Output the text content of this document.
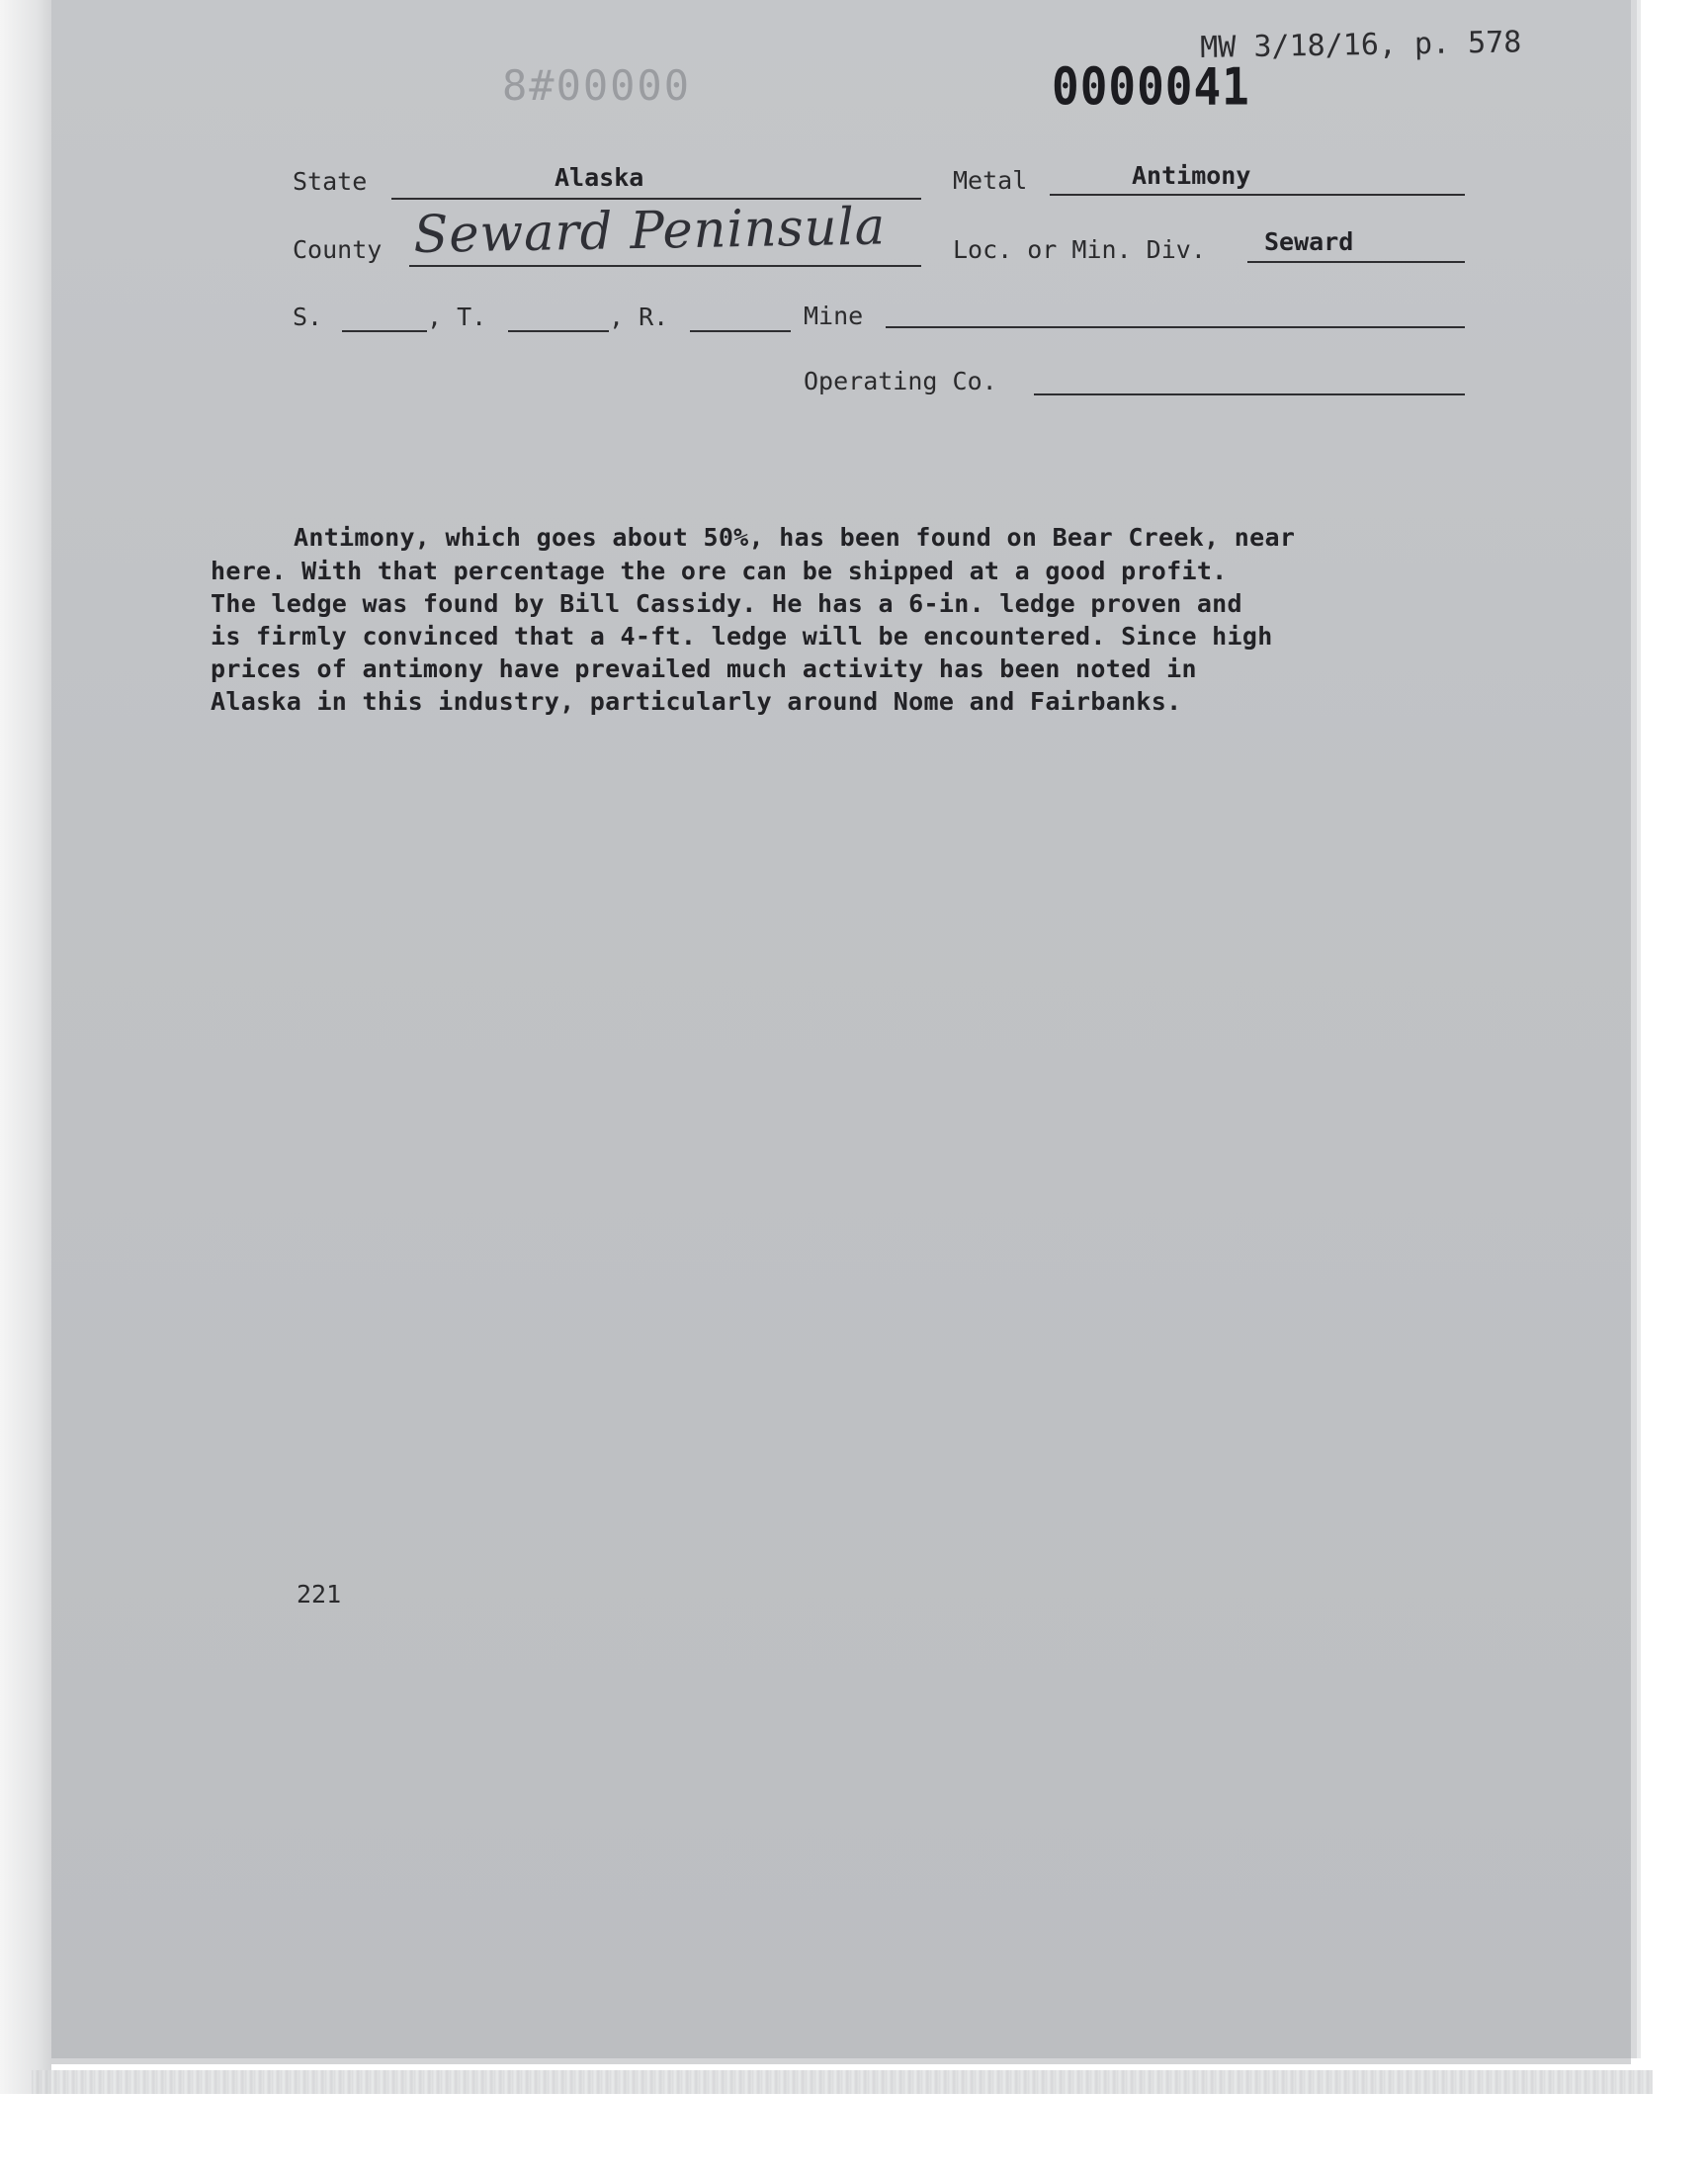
8#00000	0000041
MW 3/18/16, p. 578
State	Alaska	Metal	Antimony
County Seward Peninsula	Loc. or Min. Div. Seward
S.	, T.	, R.	Mine
Operating Co.
Antimony, which goes about 50%, has been found on Bear Creek, near
here. With that percentage the ore can be shipped at a good profit.
The ledge was found by Bill Cassidy. He has a 6-in. ledge proven and
is firmly convinced that a 4-ft. ledge will be encountered. Since high
prices of antimony have prevailed much activity has been noted in
Alaska in this industry, particularly around Nome and Fairbanks.
221
